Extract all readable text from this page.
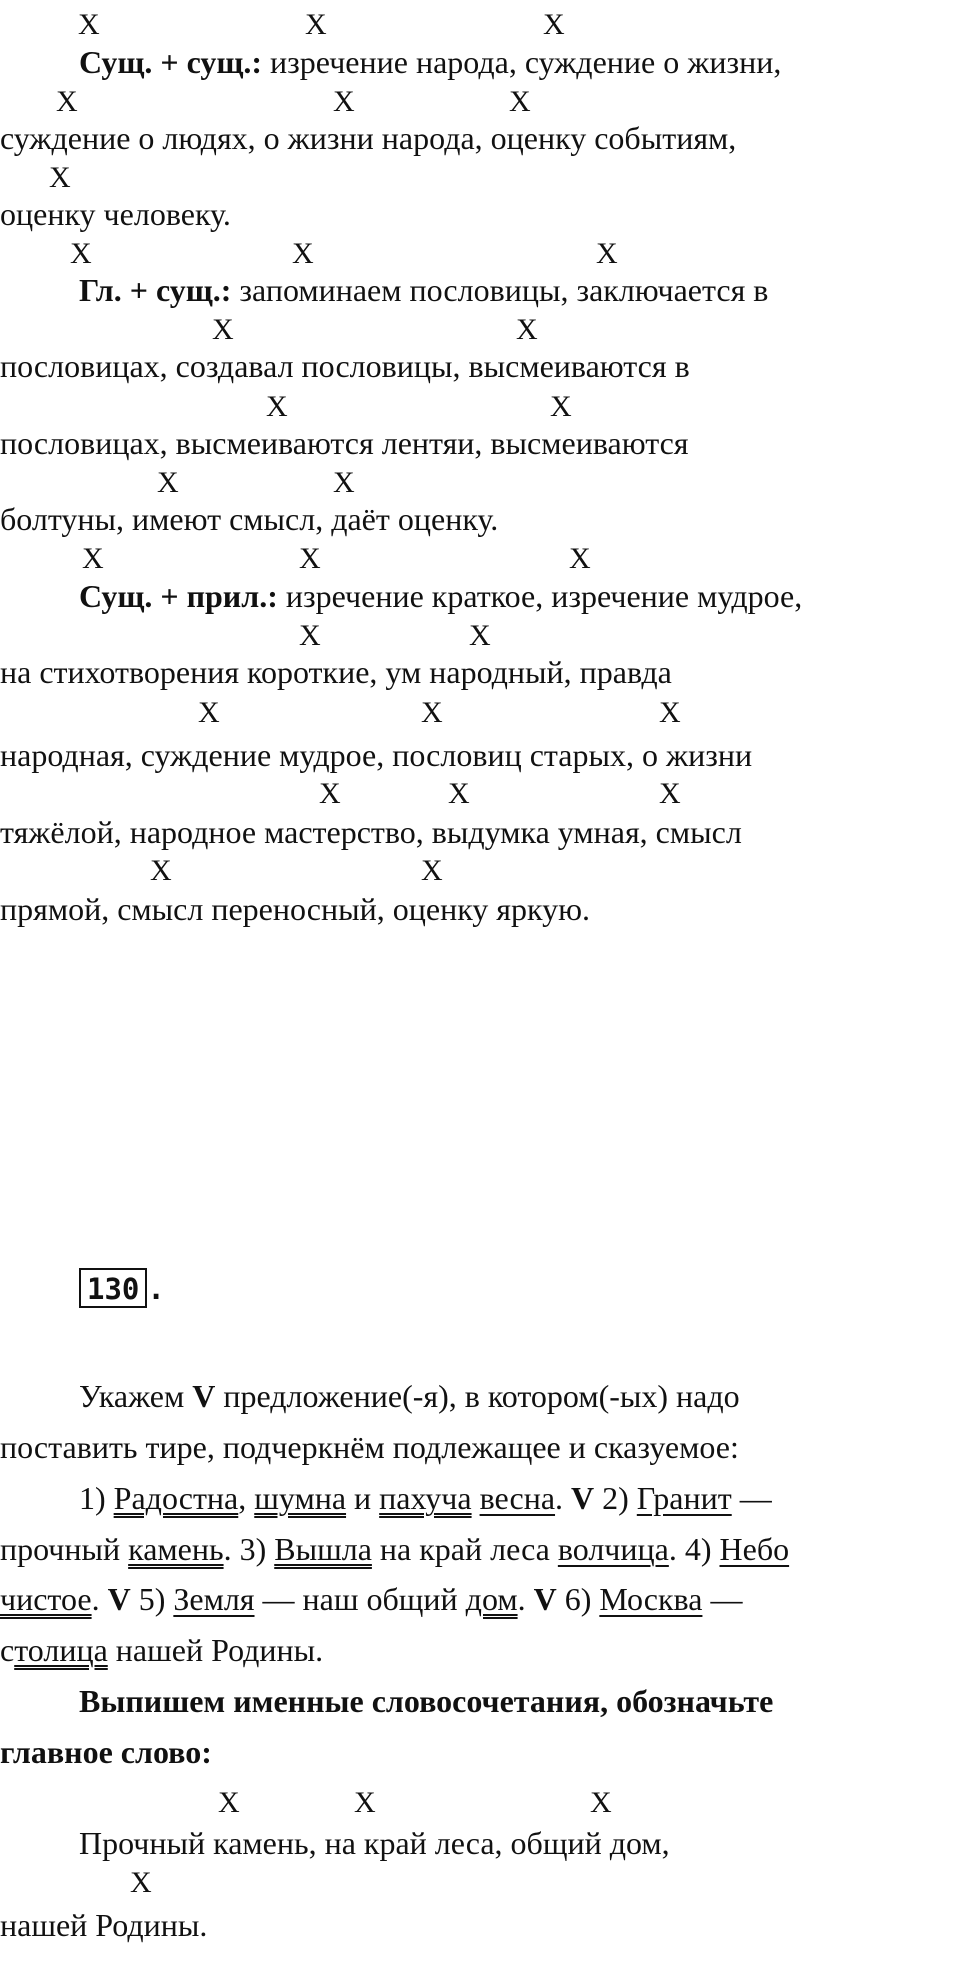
X	X	X
Сущ. + сущ.: изречение народа, суждение о жизни,
X	X	X
суждение о людях, о жизни народа, оценку событиям,
X
оценку человеку.
X	X	X
Гл. + сущ.: запоминаем пословицы, заключается в
X	X
пословицах, создавал пословицы, высмеиваются в
X	X
пословицах, высмеиваются лентяи, высмеиваются
X	X
болтуны, имеют смысл, даёт оценку.
X	X	X
Сущ. + прил.: изречение краткое, изречение мудрое,
X	X
на стихотворения короткие, ум народный, правда
X	X	X
народная, суждение мудрое, пословиц старых, о жизни
X	X	X
тяжёлой, народное мастерство, выдумка умная, смысл
X	X
прямой, смысл переносный, оценку яркую.
130 .
Укажем V предложение(-я), в котором(-ых) надо
поставить тире, подчеркнём подлежащее и сказуемое:
1) Радостна, шумна и пахуча весна. V 2) Гранит —
прочный камень. 3) Вышла на край леса волчица. 4) Небо
чистое. V 5) Земля — наш общий дом. V 6) Москва —
столица нашей Родины.
Выпишем именные словосочетания, обозначьте
главное слово:
X	X	X
Прочный камень, на край леса, общий дом,
X
нашей Родины.
